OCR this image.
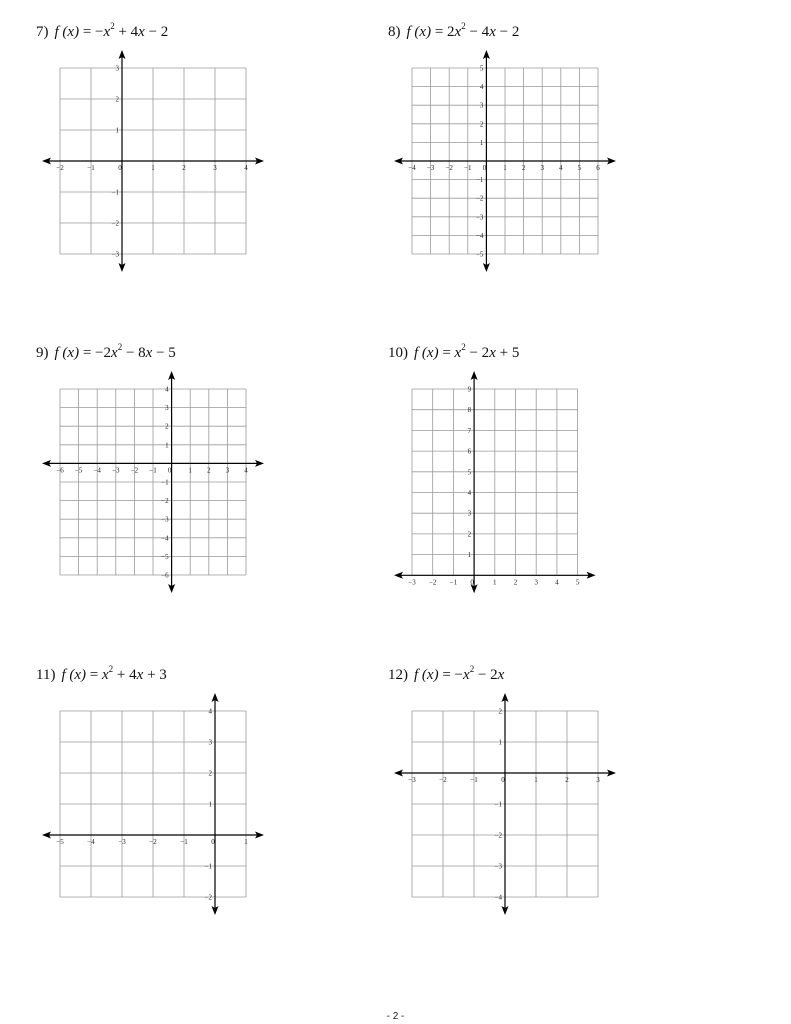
7) f $(x) = -x^2 + 4x - 2$
−2	−1	0	1	2	3	4
−3
−2
−1
1
2
3
8) f $(x) = 2x^2 - 4x - 2$
−4 −3 −2 −1 0 1 2 3 4 5 6
−5
−4
−3
−2
−1
1
2
3
4
5
9) f $(x) = -2x^2 - 8x - 5$
−6 −5 −4 −3 −2 −1 0 1 2 3 4
−6
−5
−4
−3
−2
−1
1
2
3
4
10) f $(x) = x^2 - 2x + 5$
−3 −2 −1 0	1 2 3 4 5
1
2
3
4
5
6
7
8
9
11) f $(x) = x^2 + 4x + 3$
−5	−4	−3	−2	−1	0	1
−2
−1
1
2
3
4
12) f $(x) = -x^2 - 2x$
−3	−2	−1	0	1	2	3
−4
−3
−2
−1
1
2
- 2 -
